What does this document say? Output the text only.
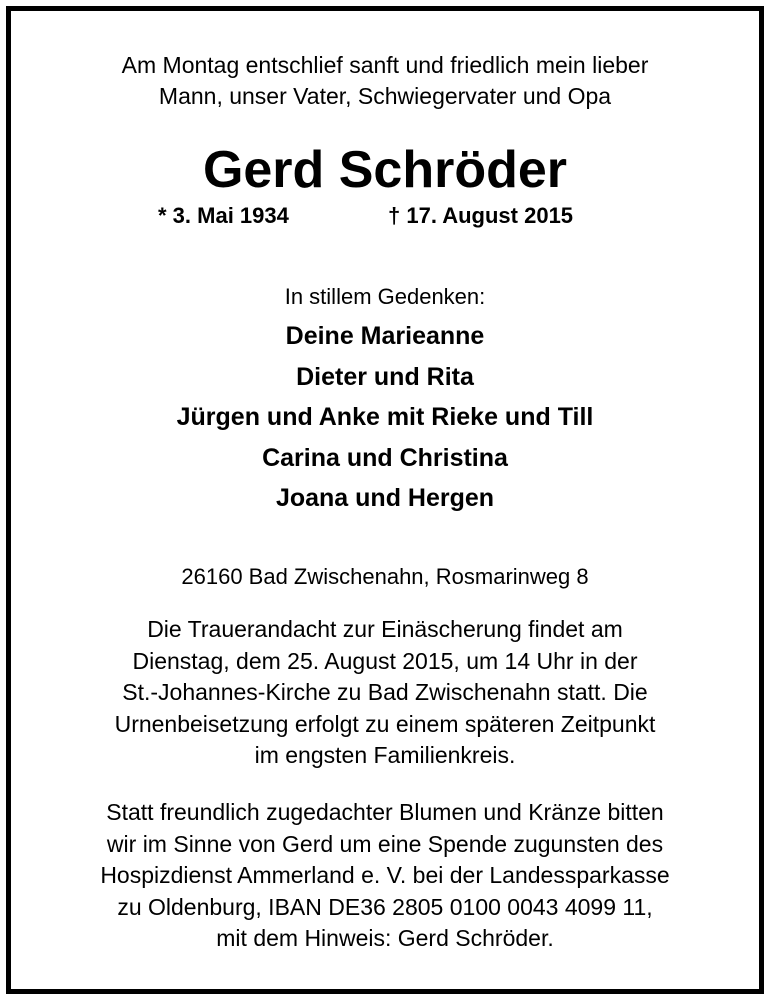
Am Montag entschlief sanft und friedlich mein lieber
Mann, unser Vater, Schwiegervater und Opa
Gerd Schröder
* 3. Mai 1934	† 17. August 2015
In stillem Gedenken:
Deine Marieanne
Dieter und Rita
Jürgen und Anke mit Rieke und Till
Carina und Christina
Joana und Hergen
26160 Bad Zwischenahn, Rosmarinweg 8
Die Trauerandacht zur Einäscherung findet am
Dienstag, dem 25. August 2015, um 14 Uhr in der
St.-Johannes-Kirche zu Bad Zwischenahn statt. Die
Urnenbeisetzung erfolgt zu einem späteren Zeitpunkt
im engsten Familienkreis.
Statt freundlich zugedachter Blumen und Kränze bitten
wir im Sinne von Gerd um eine Spende zugunsten des
Hospizdienst Ammerland e. V. bei der Landessparkasse
zu Oldenburg, IBAN DE36 2805 0100 0043 4099 11,
mit dem Hinweis: Gerd Schröder.
